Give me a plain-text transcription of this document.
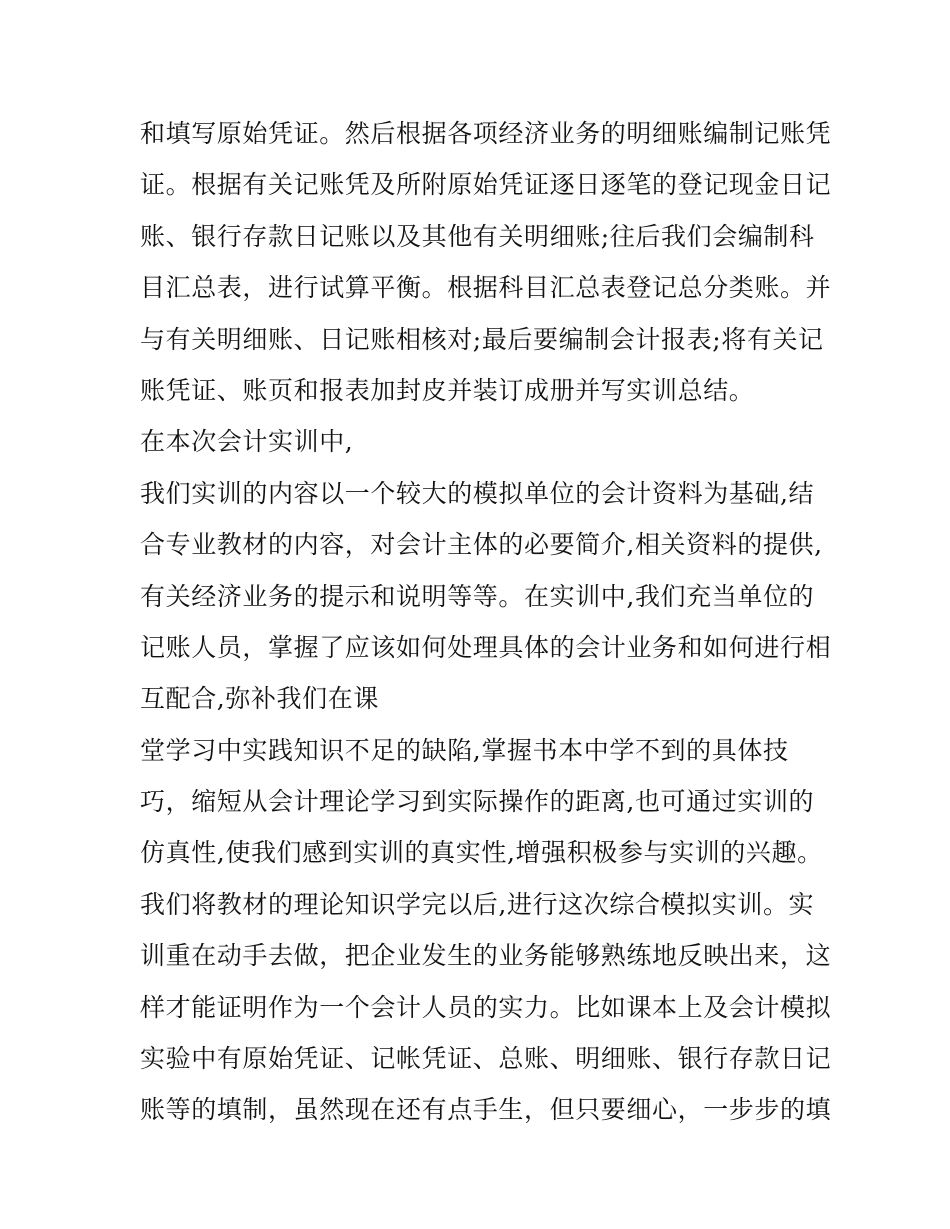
和填写原始凭证。然后根据各项经济业务的明细账编制记账凭
证。根据有关记账凭及所附原始凭证逐日逐笔的登记现金日记
账、银行存款日记账以及其他有关明细账;往后我们会编制科
目汇总表，进行试算平衡。根据科目汇总表登记总分类账。并
与有关明细账、日记账相核对;最后要编制会计报表;将有关记
账凭证、账页和报表加封皮并装订成册并写实训总结。
在本次会计实训中,
我们实训的内容以一个较大的模拟单位的会计资料为基础,结
合专业教材的内容，对会计主体的必要简介,相关资料的提供,
有关经济业务的提示和说明等等。在实训中,我们充当单位的
记账人员，掌握了应该如何处理具体的会计业务和如何进行相
互配合,弥补我们在课
堂学习中实践知识不足的缺陷,掌握书本中学不到的具体技
巧，缩短从会计理论学习到实际操作的距离,也可通过实训的
仿真性,使我们感到实训的真实性,增强积极参与实训的兴趣。
我们将教材的理论知识学完以后,进行这次综合模拟实训。实
训重在动手去做，把企业发生的业务能够熟练地反映出来，这
样才能证明作为一个会计人员的实力。比如课本上及会计模拟
实验中有原始凭证、记帐凭证、总账、明细账、银行存款日记
账等的填制，虽然现在还有点手生，但只要细心，一步步的填
